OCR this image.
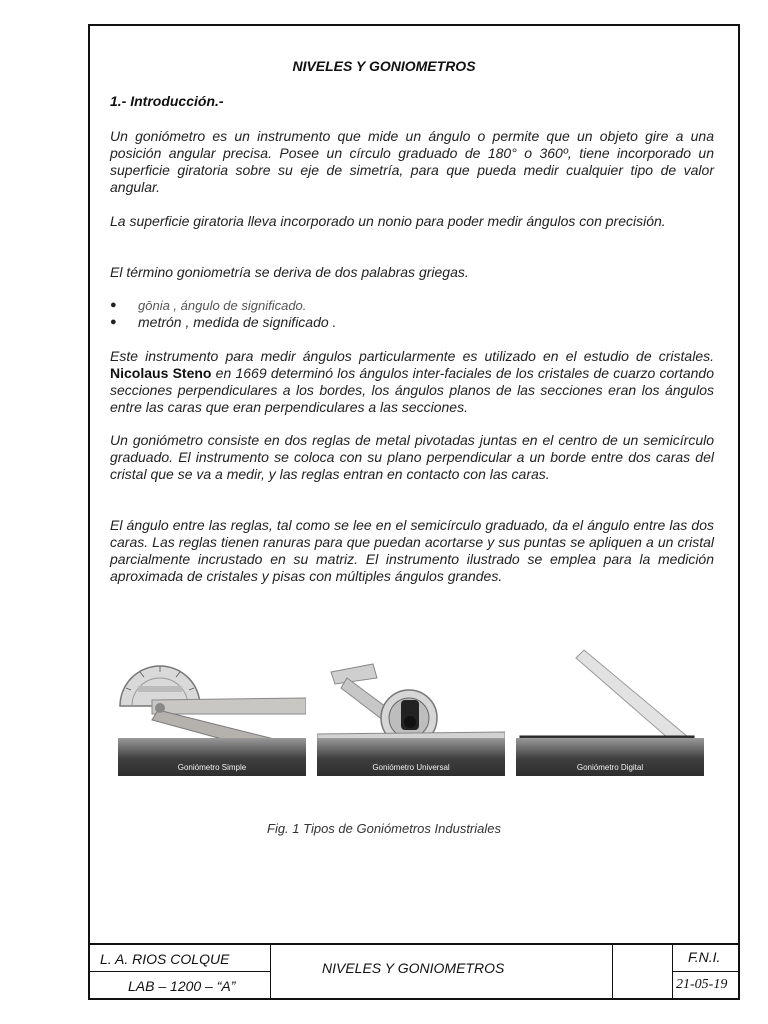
NIVELES Y GONIOMETROS
1.- Introducción.-

Un goniómetro es un instrumento que mide un ángulo o permite que un objeto gire a una posición angular precisa. Posee un círculo graduado de 180° o 360º, tiene incorporado un superficie giratoria sobre su eje de simetría, para que pueda medir cualquier tipo de valor angular.

La superficie giratoria lleva incorporado un nonio para poder medir ángulos con precisión.

El término goniometría se deriva de dos palabras griegas.

● gōnia , ángulo de significado.
● metrón , medida de significado .

Este instrumento para medir ángulos particularmente es utilizado en el estudio de cristales. Nicolaus Steno en 1669 determinó los ángulos inter-faciales de los cristales de cuarzo cortando secciones perpendiculares a los bordes, los ángulos planos de las secciones eran los ángulos entre las caras que eran perpendiculares a las secciones.

Un goniómetro consiste en dos reglas de metal pivotadas juntas en el centro de un semicírculo graduado. El instrumento se coloca con su plano perpendicular a un borde entre dos caras del cristal que se va a medir, y las reglas entran en contacto con las caras.

El ángulo entre las reglas, tal como se lee en el semicírculo graduado, da el ángulo entre las dos caras. Las reglas tienen ranuras para que puedan acortarse y sus puntas se apliquen a un cristal parcialmente incrustado en su matriz. El instrumento ilustrado se emplea para la medición aproximada de cristales y pisas con múltiples ángulos grandes.

Goniómetro Simple	Goniómetro Universal	Goniómetro Digital
Fig. 1 Tipos de Goniómetros Industriales
L. A. RIOS COLQUE
LAB – 1200 – “A”
NIVELES Y GONIOMETROS
F.N.I.
21-05-19
